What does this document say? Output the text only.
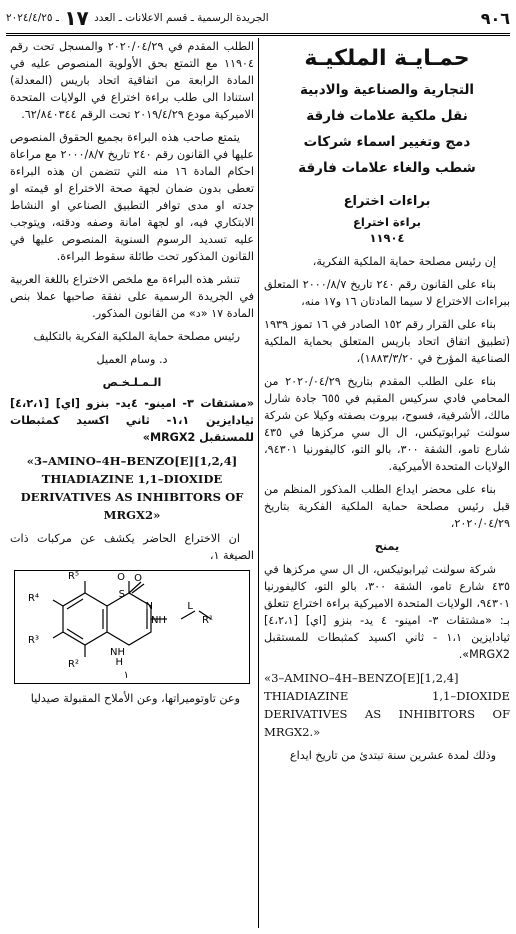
٩٠٦
الجريدة الرسمية ـ قسم الاعلانات ـ العدد ١٧ ـ ٢٠٢٤/٤/٢٥
حمـايـة الملكيـة
التجارية والصناعية والادبية
نقل ملكية علامات فارقة
دمج وتغيير اسماء شركات
شطب والغاء علامات فارقة
براءات اختراع
براءة اختراع
١١٩٠٤

إن رئيس مصلحة حماية الملكية الفكرية،

بناء على القانون رقم ٢٤٠ تاريخ ٢٠٠٠/٨/٧ المتعلق ببراءات الاختراع لا سيما المادتان ١٦ و١٧ منه،

بناء على القرار رقم ١٥٢ الصادر في ١٦ تموز ١٩٣٩ (تطبيق اتفاق اتحاد باريس المتعلق بحماية الملكية الصناعية المؤرخ في ١٨٨٣/٣/٢٠)،

بناء على الطلب المقدم بتاريخ ٢٠٢٠/٠٤/٢٩ من المحامي فادي سركيس المقيم في ٦٥٥ جادة شارل مالك، الأشرفية، فسوح، بيروت بصفته وكيلا عن شركة سولنت ثيرابوتيكس، ال ال سي مركزها في ٤٣٥ شارع تامو، الشقة ٣٠٠، بالو التو، كاليفورنيا ٩٤٣٠١، الولايات المتحدة الأميركية.

بناء على محضر ايداع الطلب المذكور المنظم من قبل رئيس مصلحة حماية الملكية الفكرية بتاريخ ٢٠٢٠/٠٤/٢٩،

يمنح

شركة سولنت ثيرابوتيكس، ال ال سي مركزها في ٤٣٥ شارع تامو، الشقة ٣٠٠، بالو التو، كاليفورنيا ٩٤٣٠١، الولايات المتحدة الاميركية براءة اختراع تتعلق بـ: «مشتقات ٣- امينو- ٤ يد- بنزو [اي] [٤،٢،١] ثيادايزين ١،١ - ثاني اكسيد كمثبطات للمستقبل MRGX2».

«3–AMINO–4H–BENZO[E][1,2,4] THIADIAZINE 1,1–DIOXIDE DERIVATIVES AS INHIBITORS OF MRGX2.»

وذلك لمدة عشرين سنة تبتدئ من تاريخ ايداع

الطلب المقدم في ٢٠٢٠/٠٤/٢٩ والمسجل تحت رقم ١١٩٠٤ مع التمتع بحق الأولوية المنصوص عليه في المادة الرابعة من اتفاقية اتحاد باريس (المعدلة) استنادا الى طلب براءة اختراع في الولايات المتحدة الاميركية مودع ٢٠١٩/٤/٢٩ تحت الرقم ٦٢/٨٤٠٣٤٤.

يتمتع صاحب هذه البراءة بجميع الحقوق المنصوص عليها في القانون رقم ٢٤٠ تاريخ ٢٠٠٠/٨/٧ مع مراعاة احكام المادة ١٦ منه التي تتضمن ان هذه البراءة تعطى بدون ضمان لجهة صحة الاختراع او قيمته او جدته او مدى توافر التطبيق الصناعي او النشاط الابتكاري فيه، او لجهة امانة وصفه ودقته، ويتوجب عليه تسديد الرسوم السنوية المنصوص عليها في القانون المذكور تحت طائلة سقوط البراءة.

تنشر هذه البراءة مع ملخص الاختراع باللغة العربية في الجريدة الرسمية على نفقة صاحبها عملا بنص المادة ١٧ «د» من القانون المذكور.

رئيس مصلحة حماية الملكية الفكرية بالتكليف

د. وسام العميل

الـمـلـخـص

«مشتقات ٣- امينو- ٤يد- بنزو [اي] [٤،٢،١] ثيادايزين ١،١- ثاني اكسيد كمثبطات للمستقبل MRGX2»

«3–AMINO–4H–BENZO[E][1,2,4]
THIADIAZINE 1,1–DIOXIDE
DERIVATIVES AS INHIBITORS OF
MRGX2»

ان الاختراع الحاضر يكشف عن مركبات ذات الصيغة ١،

R⁵
R⁴
R³
R²
S
O O
N
NH
H
NH
L
R¹
١

وعن تاوتوميراتها، وعن الأملاح المقبولة صيدليا
